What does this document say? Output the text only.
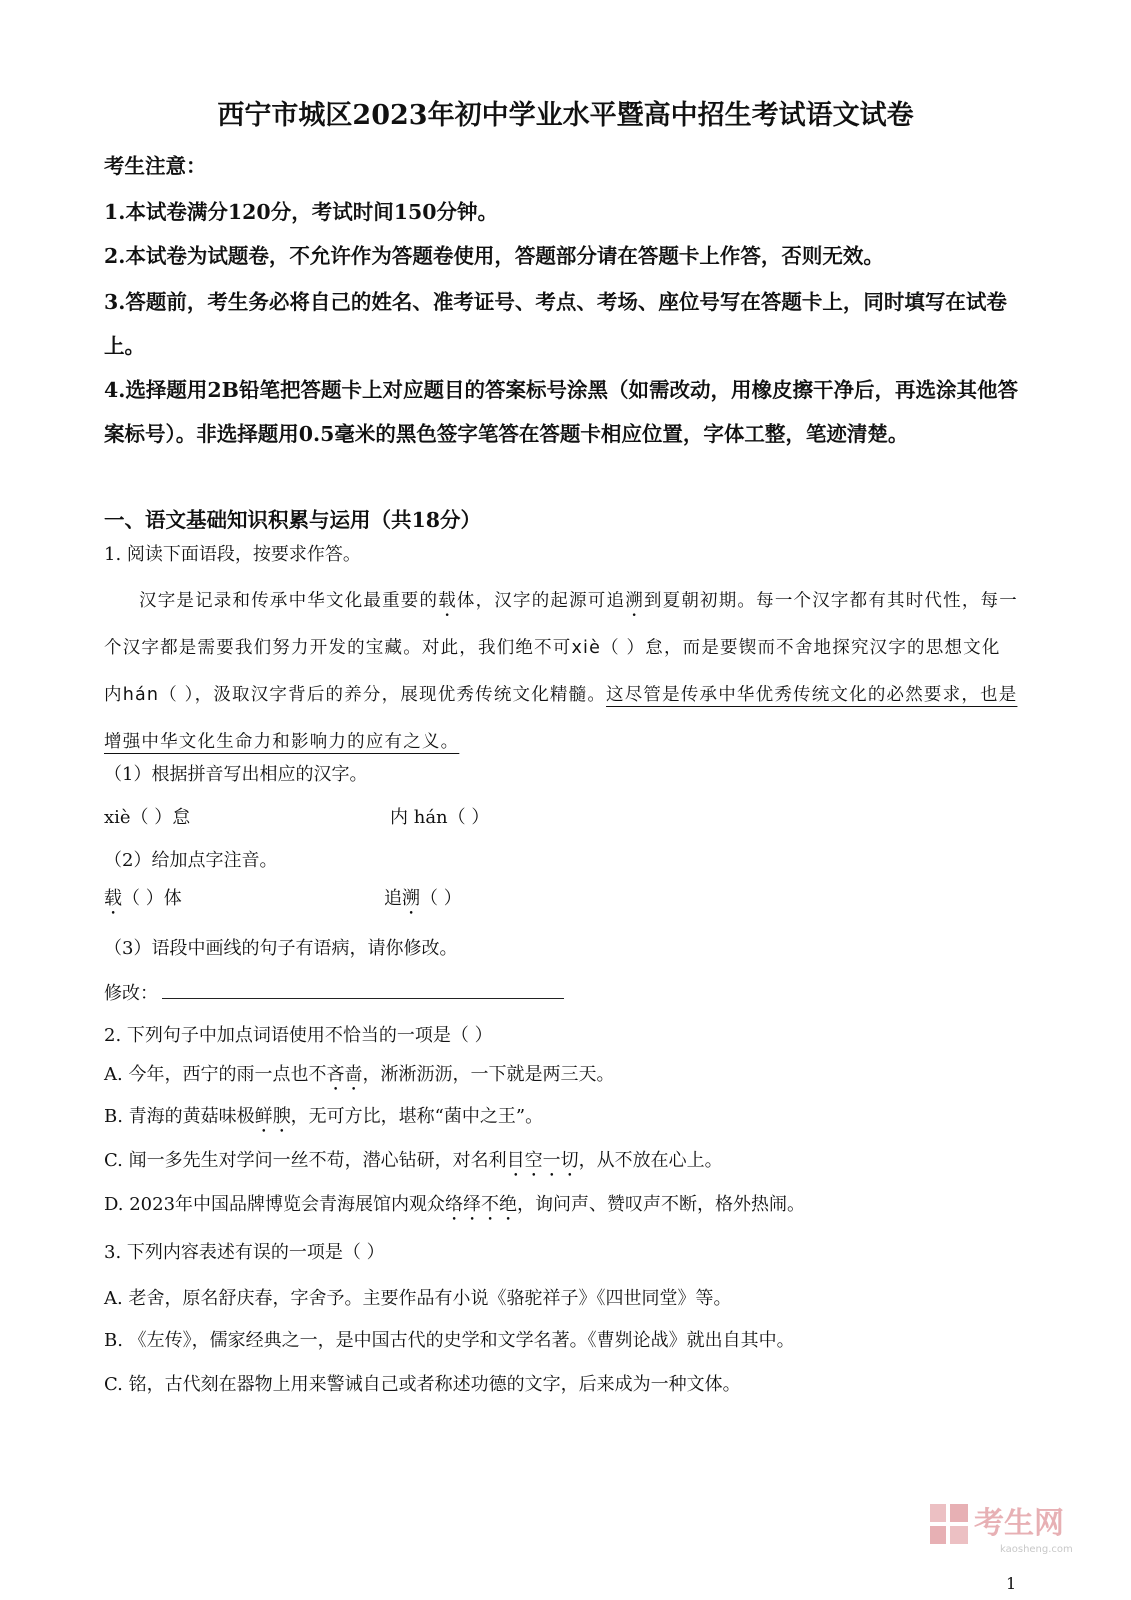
西宁市城区2023年初中学业水平暨高中招生考试语文试卷

考生注意：

1.本试卷满分120分，考试时间150分钟。

2.本试卷为试题卷，不允许作为答题卷使用，答题部分请在答题卡上作答，否则无效。

3.答题前，考生务必将自己的姓名、准考证号、考点、考场、座位号写在答题卡上，同时填写在试卷上。

4.选择题用2B铅笔把答题卡上对应题目的答案标号涂黑（如需改动，用橡皮擦干净后，再选涂其他答案标号）。非选择题用0.5毫米的黑色签字笔答在答题卡相应位置，字体工整，笔迹清楚。

一、语文基础知识积累与运用（共18分）

1. 阅读下面语段，按要求作答。

汉字是记录和传承中华文化最重要的载体，汉字的起源可追溯到夏朝初期。每一个汉字都有其时代性，每一个汉字都是需要我们努力开发的宝藏。对此，我们绝不可xiè（ ）怠，而是要锲而不舍地探究汉字的思想文化内hán（ ），汲取汉字背后的养分，展现优秀传统文化精髓。这尽管是传承中华优秀传统文化的必然要求，也是增强中华文化生命力和影响力的应有之义。

（1）根据拼音写出相应的汉字。

xiè（ ）怠	内 hán（ ）

（2）给加点字注音。

载（ ）体	追溯（ ）

（3）语段中画线的句子有语病，请你修改。

修改：

2. 下列句子中加点词语使用不恰当的一项是（ ）

A. 今年，西宁的雨一点也不吝啬，淅淅沥沥，一下就是两三天。

B. 青海的黄菇味极鲜腴，无可方比，堪称“菌中之王”。

C. 闻一多先生对学问一丝不苟，潜心钻研，对名利目空一切，从不放在心上。

D. 2023年中国品牌博览会青海展馆内观众络绎不绝，询问声、赞叹声不断，格外热闹。

3. 下列内容表述有误的一项是（ ）

A. 老舍，原名舒庆春，字舍予。主要作品有小说《骆驼祥子》《四世同堂》等。

B. 《左传》，儒家经典之一，是中国古代的史学和文学名著。《曹刿论战》就出自其中。

C. 铭，古代刻在器物上用来警诫自己或者称述功德的文字，后来成为一种文体。

考生网
kaosheng.com
1
